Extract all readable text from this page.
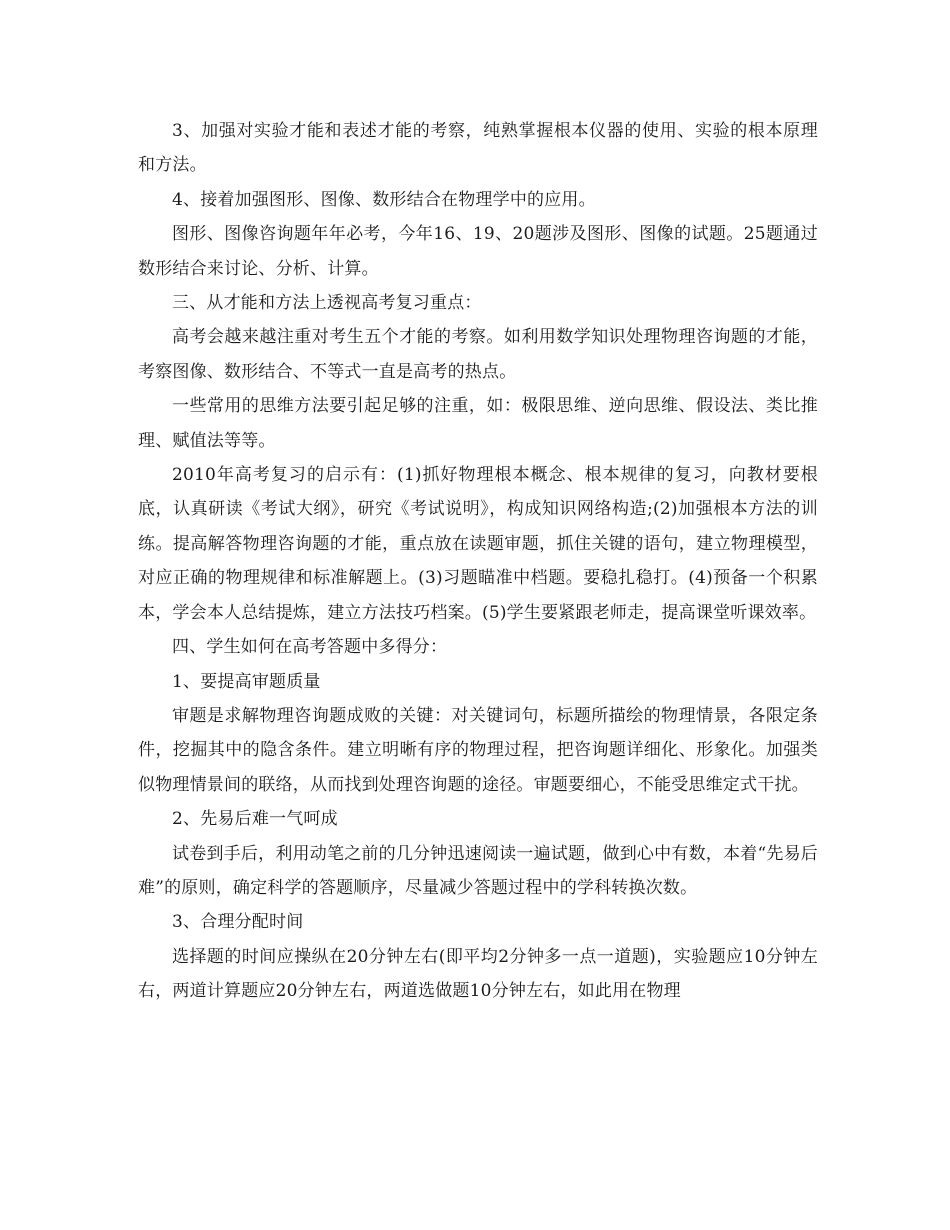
3、加强对实验才能和表述才能的考察，纯熟掌握根本仪器的使用、实验的根本原理和方法。

4、接着加强图形、图像、数形结合在物理学中的应用。

图形、图像咨询题年年必考，今年16、19、20题涉及图形、图像的试题。25题通过数形结合来讨论、分析、计算。

三、从才能和方法上透视高考复习重点：

高考会越来越注重对考生五个才能的考察。如利用数学知识处理物理咨询题的才能，考察图像、数形结合、不等式一直是高考的热点。

一些常用的思维方法要引起足够的注重，如：极限思维、逆向思维、假设法、类比推理、赋值法等等。

2010年高考复习的启示有：(1)抓好物理根本概念、根本规律的复习，向教材要根底，认真研读《考试大纲》，研究《考试说明》，构成知识网络构造;(2)加强根本方法的训练。提高解答物理咨询题的才能，重点放在读题审题，抓住关键的语句，建立物理模型，对应正确的物理规律和标准解题上。(3)习题瞄准中档题。要稳扎稳打。(4)预备一个积累本，学会本人总结提炼，建立方法技巧档案。(5)学生要紧跟老师走，提高课堂听课效率。

四、学生如何在高考答题中多得分：

1、要提高审题质量

审题是求解物理咨询题成败的关键：对关键词句，标题所描绘的物理情景，各限定条件，挖掘其中的隐含条件。建立明晰有序的物理过程，把咨询题详细化、形象化。加强类似物理情景间的联络，从而找到处理咨询题的途径。审题要细心，不能受思维定式干扰。

2、先易后难一气呵成

试卷到手后，利用动笔之前的几分钟迅速阅读一遍试题，做到心中有数，本着“先易后难”的原则，确定科学的答题顺序，尽量减少答题过程中的学科转换次数。

3、合理分配时间

选择题的时间应操纵在20分钟左右(即平均2分钟多一点一道题)，实验题应10分钟左右，两道计算题应20分钟左右，两道选做题10分钟左右，如此用在物理
